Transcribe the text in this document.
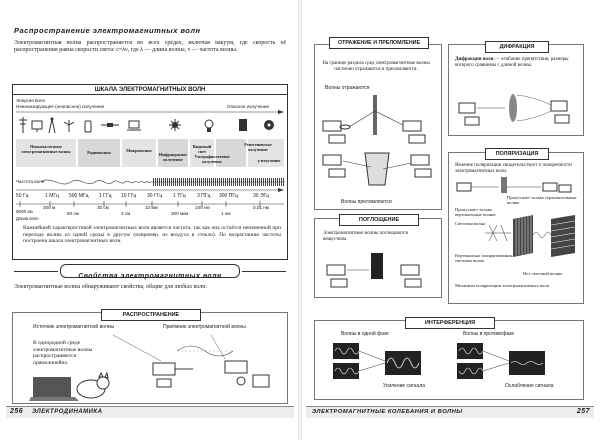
Распространение электромагнитных волн
Электромагнитная волна распространяется во всех средах, включая вакуум, где скорость её распространения равна скорости света: c=λν, где λ — длина волны, ν — частота волны.
ШКАЛА ЭЛЕКТРОМАГНИТНЫХ ВОЛН
Энергия волн
Неионизирующее (неопасное) излучение	Опасное излучение
Низкочастотные электромагнитные волны	Радиоволны	Микроволны
Инфракрасное излучение
Видимый свет
Ультрафиолетовое излучение
Рентгеновское излучение
γ-излучение
Частота волн
50 Гц	1 МГц 500 МГц 1 ГГц 10 ГГц 30 ГГц 1 ТГц 3 ПГц 300 ПГц	30 ЭГц
6000 км
300 м
60 см
30 см
3 см
10 мм
300 мкм
100 нм
1 нм
0,01 нм
Длина волн
Важнейшей характеристикой электромагнитных волн является частота, так как она остаётся неизменной при переходе волны из одной среды в другую (например, из воздуха в стекло). По возрастанию частоты построена шкала электромагнитных волн.
Свойства электромагнитных волн
Электромагнитные волны обнаруживают свойства, общие для любых волн.
РАСПРОСТРАНЕНИЕ
Источник электромагнитной волны	Приёмник электромагнитной волны
В однородной среде электромагнитные волны распространяются прямолинейно.
256 ЭЛЕКТРОДИНАМИКА
ОТРАЖЕНИЕ И ПРЕЛОМЛЕНИЕ
На границе раздела сред электромагнитные волны частично отражаются и преломляются.
Волны отражаются
Волны преломляются
ДИФРАКЦИЯ
Дифракция волн — огибание препятствия, размеры которого сравнимы с длиной волны.
ПОГЛОЩЕНИЕ
Электромагнитные волны поглощаются веществом.
ПОЛЯРИЗАЦИЯ
Явление поляризации свидетельствует о поперечности электромагнитных волн.
Пропускает только горизонтальные волны
Пропускает только вертикальные волны
Световая волна
Вертикально поляризованная световая волна
Нет световой волны
Механизм поляризации электромагнитных волн
ИНТЕРФЕРЕНЦИЯ
Волны в одной фазе	Волны в противофазе
Усиление сигнала	Ослабление сигнала
ЭЛЕКТРОМАГНИТНЫЕ КОЛЕБАНИЯ И ВОЛНЫ	257
